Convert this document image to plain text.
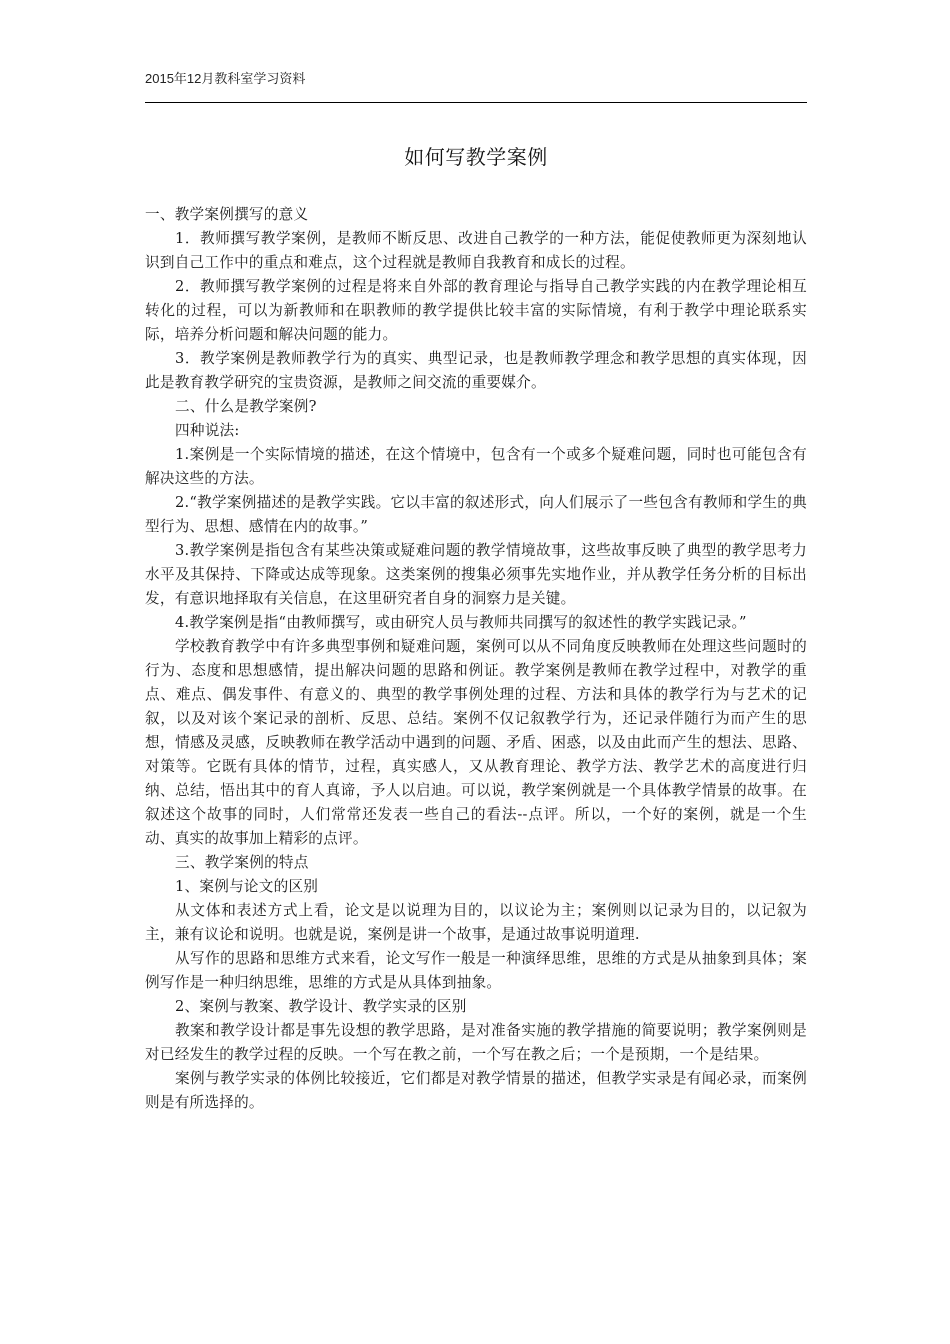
2015年12月教科室学习资料
如何写教学案例

一、教学案例撰写的意义

1．教师撰写教学案例，是教师不断反思、改进自己教学的一种方法，能促使教师更为深刻地认识到自己工作中的重点和难点，这个过程就是教师自我教育和成长的过程。

2．教师撰写教学案例的过程是将来自外部的教育理论与指导自己教学实践的内在教学理论相互转化的过程，可以为新教师和在职教师的教学提供比较丰富的实际情境，有利于教学中理论联系实际，培养分析问题和解决问题的能力。

3．教学案例是教师教学行为的真实、典型记录，也是教师教学理念和教学思想的真实体现，因此是教育教学研究的宝贵资源，是教师之间交流的重要媒介。

二、什么是教学案例?

四种说法:

1.案例是一个实际情境的描述，在这个情境中，包含有一个或多个疑难问题，同时也可能包含有解决这些的方法。

2.“教学案例描述的是教学实践。它以丰富的叙述形式，向人们展示了一些包含有教师和学生的典型行为、思想、感情在内的故事。”

3.教学案例是指包含有某些决策或疑难问题的教学情境故事，这些故事反映了典型的教学思考力水平及其保持、下降或达成等现象。这类案例的搜集必须事先实地作业，并从教学任务分析的目标出发，有意识地择取有关信息，在这里研究者自身的洞察力是关键。

4.教学案例是指“由教师撰写，或由研究人员与教师共同撰写的叙述性的教学实践记录。”

学校教育教学中有许多典型事例和疑难问题，案例可以从不同角度反映教师在处理这些问题时的行为、态度和思想感情，提出解决问题的思路和例证。教学案例是教师在教学过程中，对教学的重点、难点、偶发事件、有意义的、典型的教学事例处理的过程、方法和具体的教学行为与艺术的记叙，以及对该个案记录的剖析、反思、总结。案例不仅记叙教学行为，还记录伴随行为而产生的思想，情感及灵感，反映教师在教学活动中遇到的问题、矛盾、困惑，以及由此而产生的想法、思路、对策等。它既有具体的情节，过程，真实感人，又从教育理论、教学方法、教学艺术的高度进行归纳、总结，悟出其中的育人真谛，予人以启迪。可以说，教学案例就是一个具体教学情景的故事。在叙述这个故事的同时，人们常常还发表一些自己的看法--点评。所以，一个好的案例，就是一个生动、真实的故事加上精彩的点评。

三、教学案例的特点

1、案例与论文的区别

从文体和表述方式上看，论文是以说理为目的，以议论为主；案例则以记录为目的，以记叙为主，兼有议论和说明。也就是说，案例是讲一个故事，是通过故事说明道理.

从写作的思路和思维方式来看，论文写作一般是一种演绎思维，思维的方式是从抽象到具体；案例写作是一种归纳思维，思维的方式是从具体到抽象。

2、案例与教案、教学设计、教学实录的区别

教案和教学设计都是事先设想的教学思路，是对准备实施的教学措施的简要说明；教学案例则是对已经发生的教学过程的反映。一个写在教之前，一个写在教之后；一个是预期，一个是结果。

案例与教学实录的体例比较接近，它们都是对教学情景的描述，但教学实录是有闻必录，而案例则是有所选择的。
